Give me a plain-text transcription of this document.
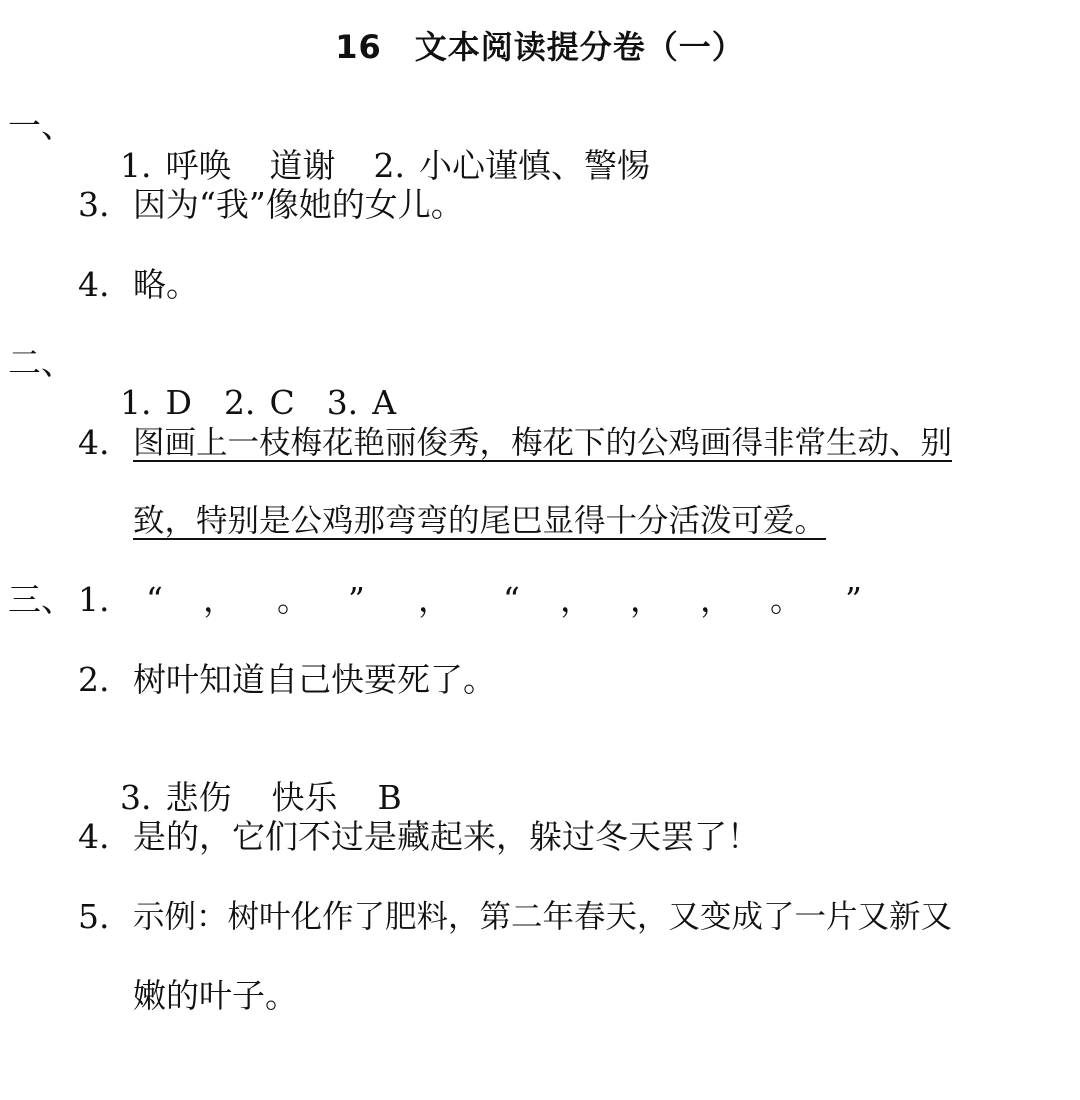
16　文本阅读提分卷（一）
一、

1. 呼唤 道谢 2. 小心谨慎、警惕

3. 因为“我”像她的女儿。
4. 略。
二、

1. D 2. C 3. A

4. 图画上一枝梅花艳丽俊秀，梅花下的公鸡画得非常生动、别
致，特别是公鸡那弯弯的尾巴显得十分活泼可爱。
三、 1.

“

，

。

”

，

“

，

，

，

。

”

2. 树叶知道自己快要死了。

3. 悲伤 快乐 B

4. 是的，它们不过是藏起来，躲过冬天罢了！
5. 示例：树叶化作了肥料，第二年春天，又变成了一片又新又
嫩的叶子。
